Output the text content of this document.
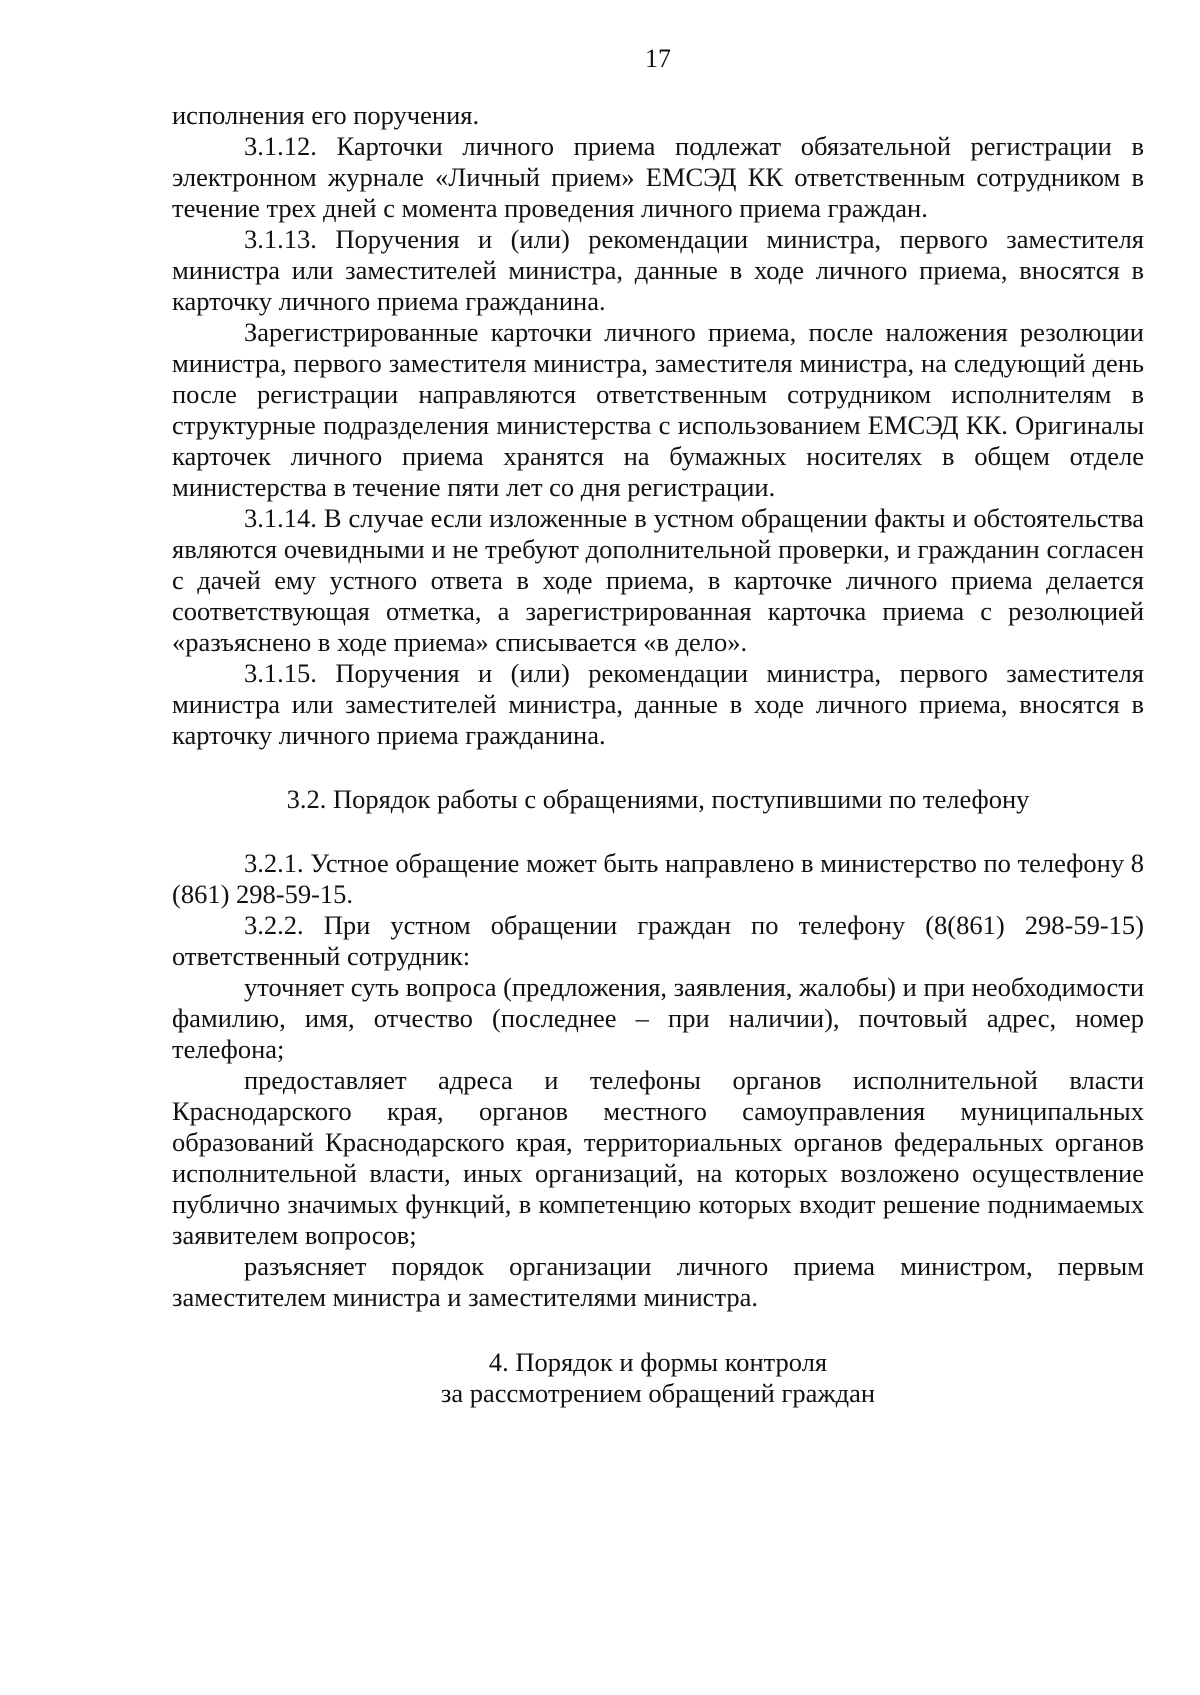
17

исполнения его поручения.

3.1.12. Карточки личного приема подлежат обязательной регистрации в электронном журнале «Личный прием» ЕМСЭД КК ответственным сотрудником в течение трех дней с момента проведения личного приема граждан.

3.1.13. Поручения и (или) рекомендации министра, первого заместителя министра или заместителей министра, данные в ходе личного приема, вносятся в карточку личного приема гражданина.

Зарегистрированные карточки личного приема, после наложения резолюции министра, первого заместителя министра, заместителя министра, на следующий день после регистрации направляются ответственным сотрудником исполнителям в структурные подразделения министерства с использованием ЕМСЭД КК. Оригиналы карточек личного приема хранятся на бумажных носителях в общем отделе министерства в течение пяти лет со дня регистрации.

3.1.14. В случае если изложенные в устном обращении факты и обстоятельства являются очевидными и не требуют дополнительной проверки, и гражданин согласен с дачей ему устного ответа в ходе приема, в карточке личного приема делается соответствующая отметка, а зарегистрированная карточка приема с резолюцией «разъяснено в ходе приема» списывается «в дело».

3.1.15. Поручения и (или) рекомендации министра, первого заместителя министра или заместителей министра, данные в ходе личного приема, вносятся в карточку личного приема гражданина.

3.2. Порядок работы с обращениями, поступившими по телефону

3.2.1. Устное обращение может быть направлено в министерство по телефону 8 (861) 298-59-15.

3.2.2. При устном обращении граждан по телефону (8(861) 298-59-15) ответственный сотрудник:

уточняет суть вопроса (предложения, заявления, жалобы) и при необходимости фамилию, имя, отчество (последнее – при наличии), почтовый адрес, номер телефона;

предоставляет адреса и телефоны органов исполнительной власти Краснодарского края, органов местного самоуправления муниципальных образований Краснодарского края, территориальных органов федеральных органов исполнительной власти, иных организаций, на которых возложено осуществление публично значимых функций, в компетенцию которых входит решение поднимаемых заявителем вопросов;

разъясняет порядок организации личного приема министром, первым заместителем министра и заместителями министра.

4. Порядок и формы контроля

за рассмотрением обращений граждан
